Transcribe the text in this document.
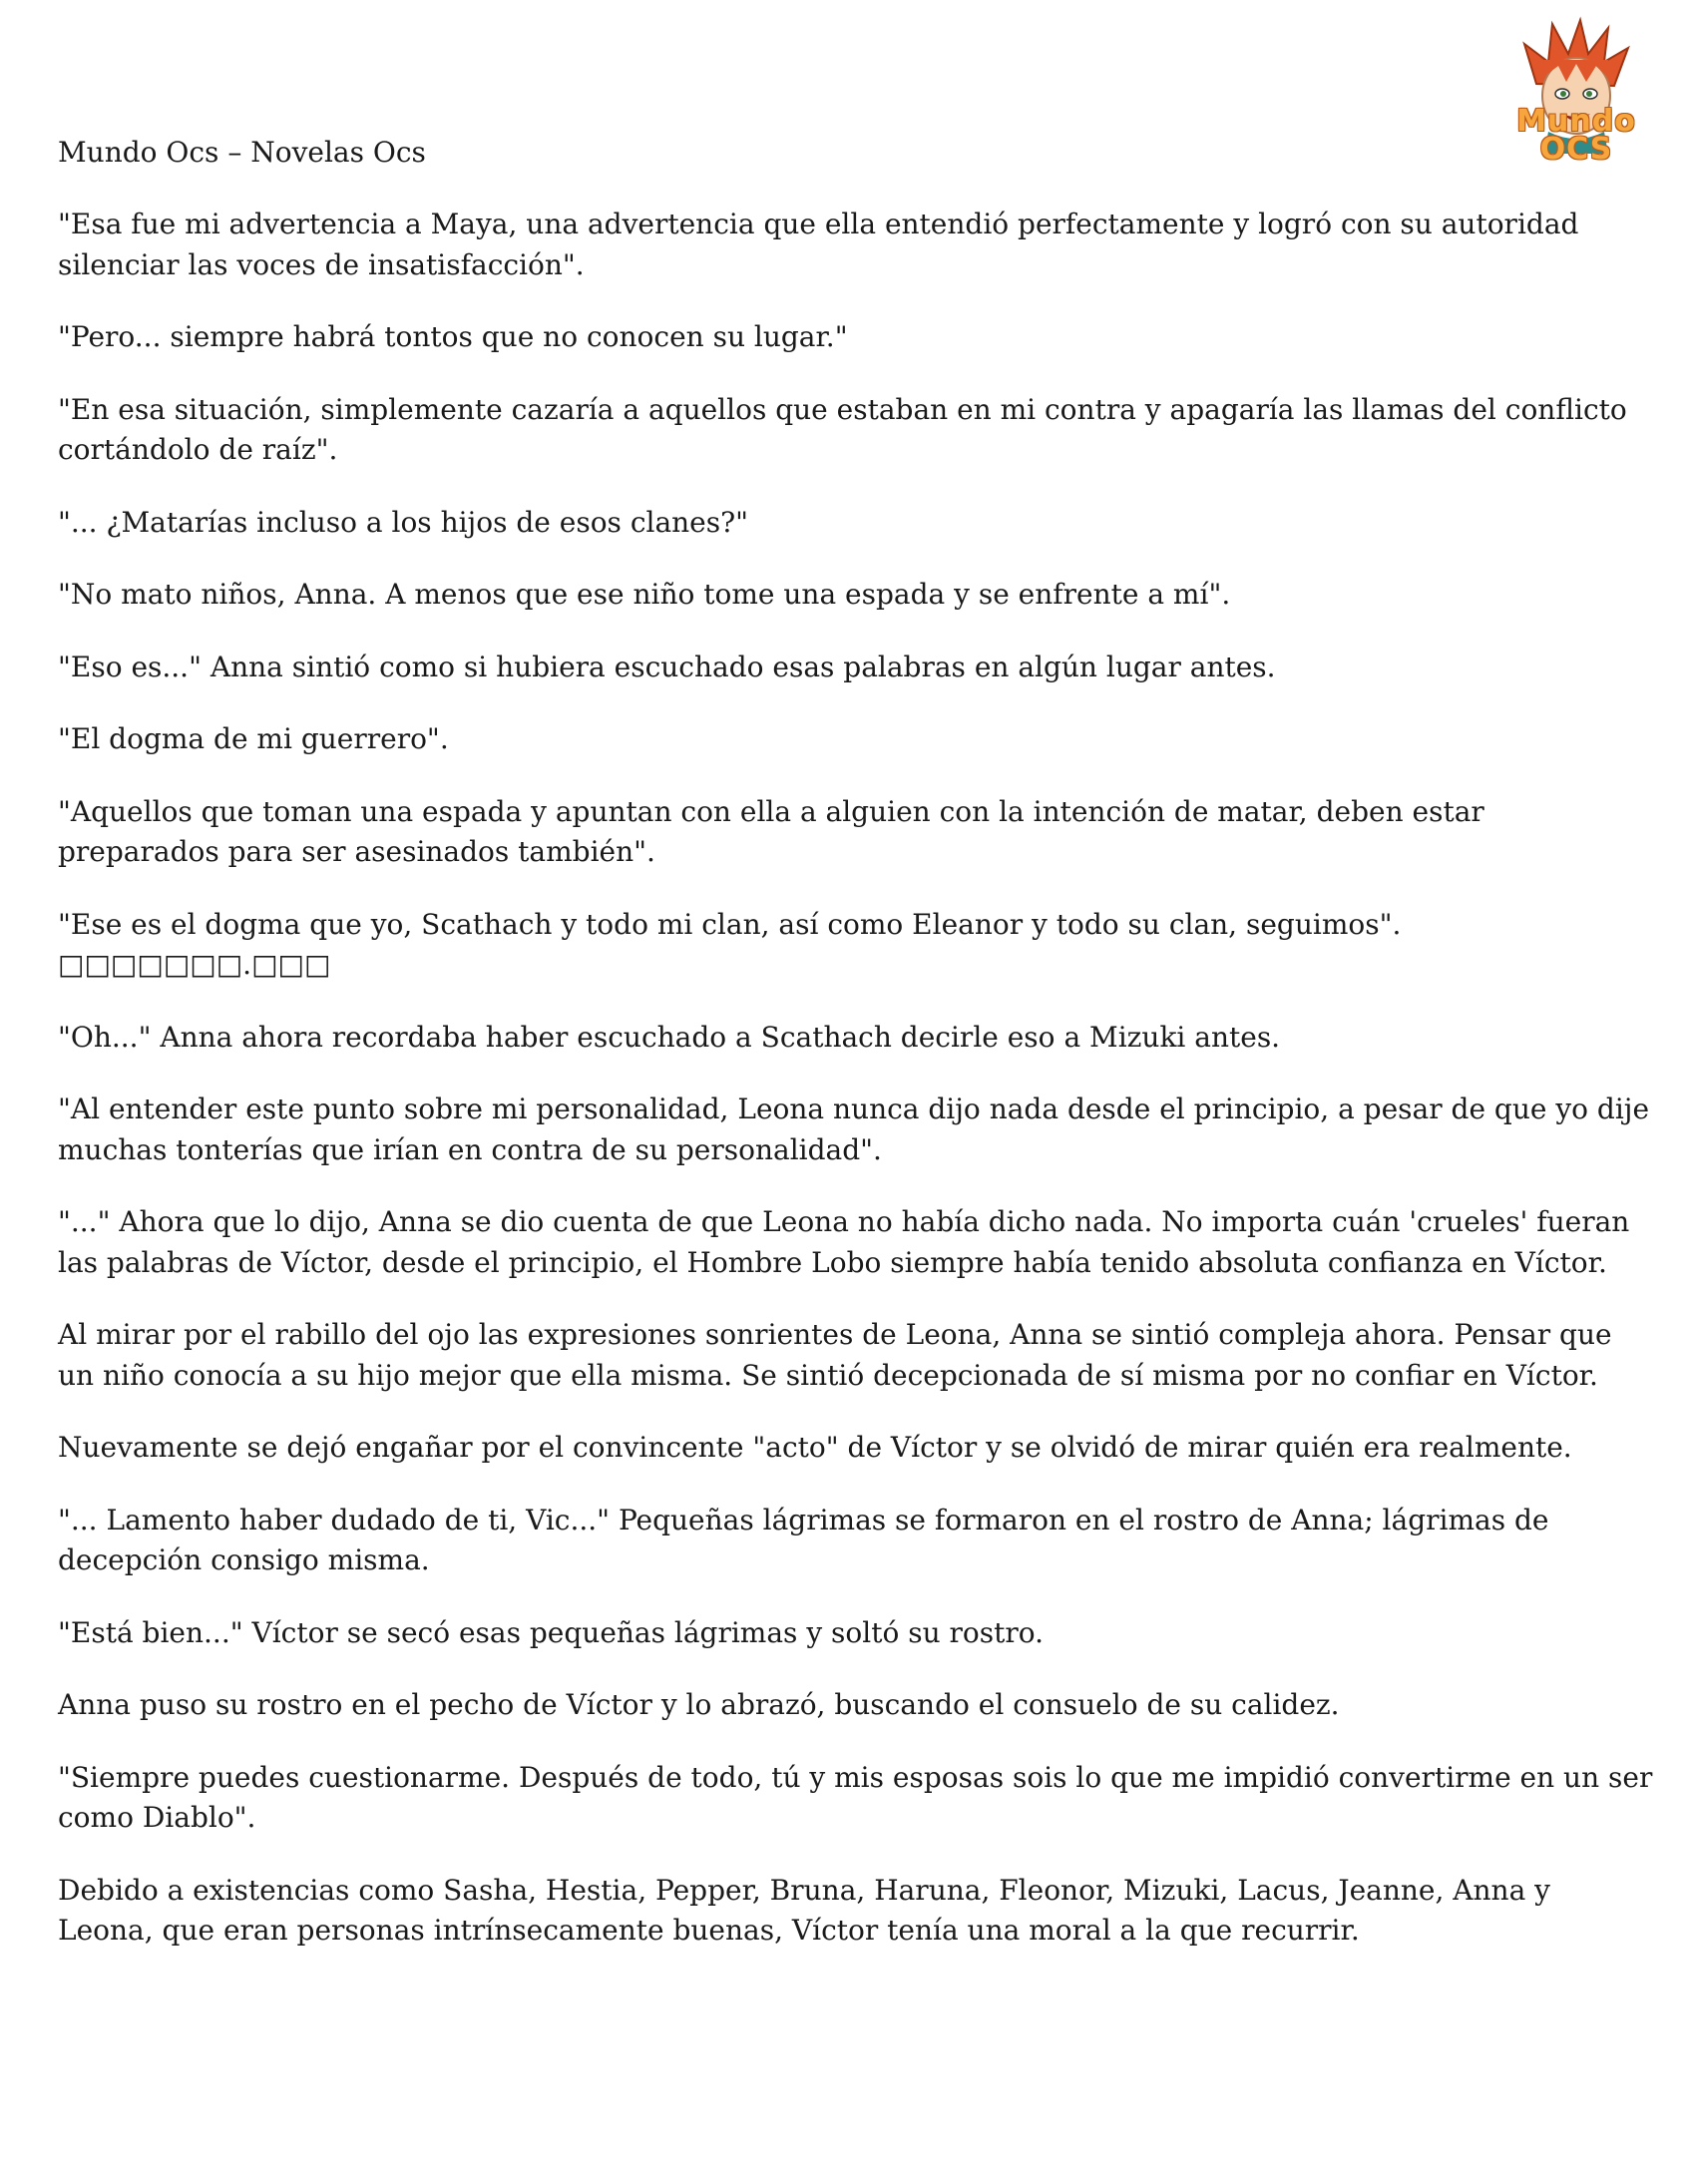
Mundo
OCS

Mundo Ocs – Novelas Ocs

"Esa fue mi advertencia a Maya, una advertencia que ella entendió perfectamente y logró con su autoridad silenciar las voces de insatisfacción".

"Pero... siempre habrá tontos que no conocen su lugar."

"En esa situación, simplemente cazaría a aquellos que estaban en mi contra y apagaría las llamas del conflicto cortándolo de raíz".

"... ¿Matarías incluso a los hijos de esos clanes?"

"No mato niños, Anna. A menos que ese niño tome una espada y se enfrente a mí".

"Eso es..." Anna sintió como si hubiera escuchado esas palabras en algún lugar antes.

"El dogma de mi guerrero".

"Aquellos que toman una espada y apuntan con ella a alguien con la intención de matar, deben estar preparados para ser asesinados también".

"Ese es el dogma que yo, Scathach y todo mi clan, así como Eleanor y todo su clan, seguimos". □□□□□□□.□□□

"Oh..." Anna ahora recordaba haber escuchado a Scathach decirle eso a Mizuki antes.

"Al entender este punto sobre mi personalidad, Leona nunca dijo nada desde el principio, a pesar de que yo dije muchas tonterías que irían en contra de su personalidad".

"..." Ahora que lo dijo, Anna se dio cuenta de que Leona no había dicho nada. No importa cuán 'crueles' fueran las palabras de Víctor, desde el principio, el Hombre Lobo siempre había tenido absoluta confianza en Víctor.

Al mirar por el rabillo del ojo las expresiones sonrientes de Leona, Anna se sintió compleja ahora. Pensar que un niño conocía a su hijo mejor que ella misma. Se sintió decepcionada de sí misma por no confiar en Víctor.

Nuevamente se dejó engañar por el convincente "acto" de Víctor y se olvidó de mirar quién era realmente.

"... Lamento haber dudado de ti, Vic..." Pequeñas lágrimas se formaron en el rostro de Anna; lágrimas de decepción consigo misma.

"Está bien..." Víctor se secó esas pequeñas lágrimas y soltó su rostro.

Anna puso su rostro en el pecho de Víctor y lo abrazó, buscando el consuelo de su calidez.

"Siempre puedes cuestionarme. Después de todo, tú y mis esposas sois lo que me impidió convertirme en un ser como Diablo".

Debido a existencias como Sasha, Hestia, Pepper, Bruna, Haruna, Fleonor, Mizuki, Lacus, Jeanne, Anna y Leona, que eran personas intrínsecamente buenas, Víctor tenía una moral a la que recurrir.
